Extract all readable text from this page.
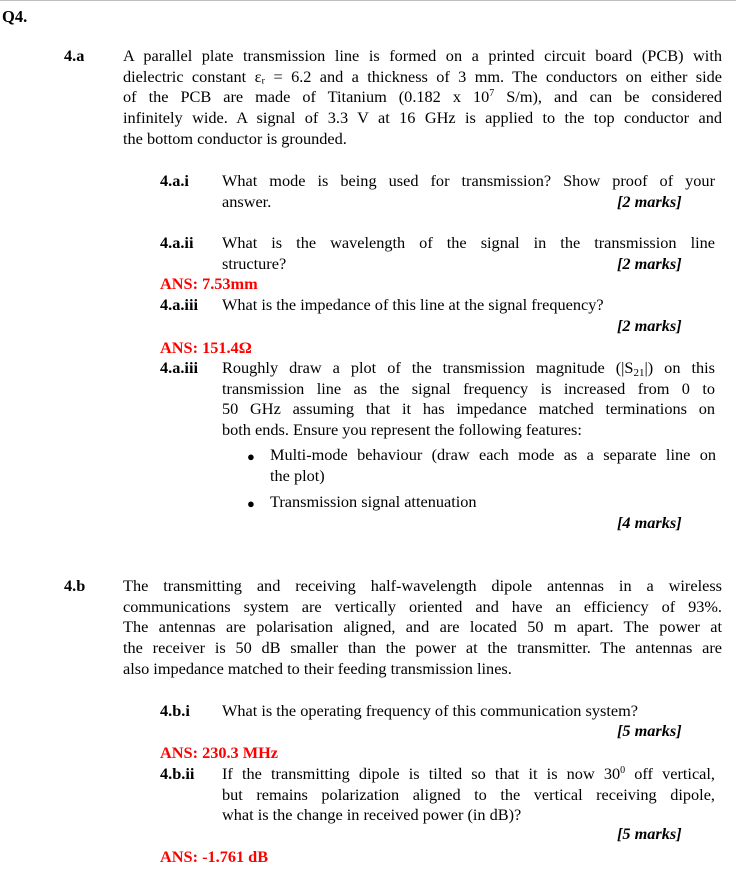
Q4.
4.a A parallel plate transmission line is formed on a printed circuit board (PCB) with
dielectric constant εᵣ = 6.2 and a thickness of 3 mm. The conductors on either side
of the PCB are made of Titanium (0.182 x $10^7$ S/m), and can be considered
infinitely wide. A signal of 3.3 V at 16 GHz is applied to the top conductor and
the bottom conductor is grounded.
4.a.i What mode is being used for transmission? Show proof of your
answer.	[2 marks]
4.a.ii What is the wavelength of the signal in the transmission line
structure?	[2 marks]
ANS: 7.53mm
4.a.iii What is the impedance of this line at the signal frequency?
[2 marks]
ANS: 151.4Ω
4.a.iii Roughly draw a plot of the transmission magnitude $(|S_{21}|)$ on this
transmission line as the signal frequency is increased from 0 to
50 GHz assuming that it has impedance matched terminations on
both ends. Ensure you represent the following features:
● Multi-mode behaviour (draw each mode as a separate line on
the plot)
● Transmission signal attenuation
[4 marks]
4.b The transmitting and receiving half-wavelength dipole antennas in a wireless
communications system are vertically oriented and have an efficiency of 93%.
The antennas are polarisation aligned, and are located 50 m apart. The power at
the receiver is 50 dB smaller than the power at the transmitter. The antennas are
also impedance matched to their feeding transmission lines.
4.b.i What is the operating frequency of this communication system?
[5 marks]
ANS: 230.3 MHz
4.b.ii If the transmitting dipole is tilted so that it is now $30^0$ off vertical,
but remains polarization aligned to the vertical receiving dipole,
what is the change in received power (in dB)?
[5 marks]
ANS: -1.761 dB
